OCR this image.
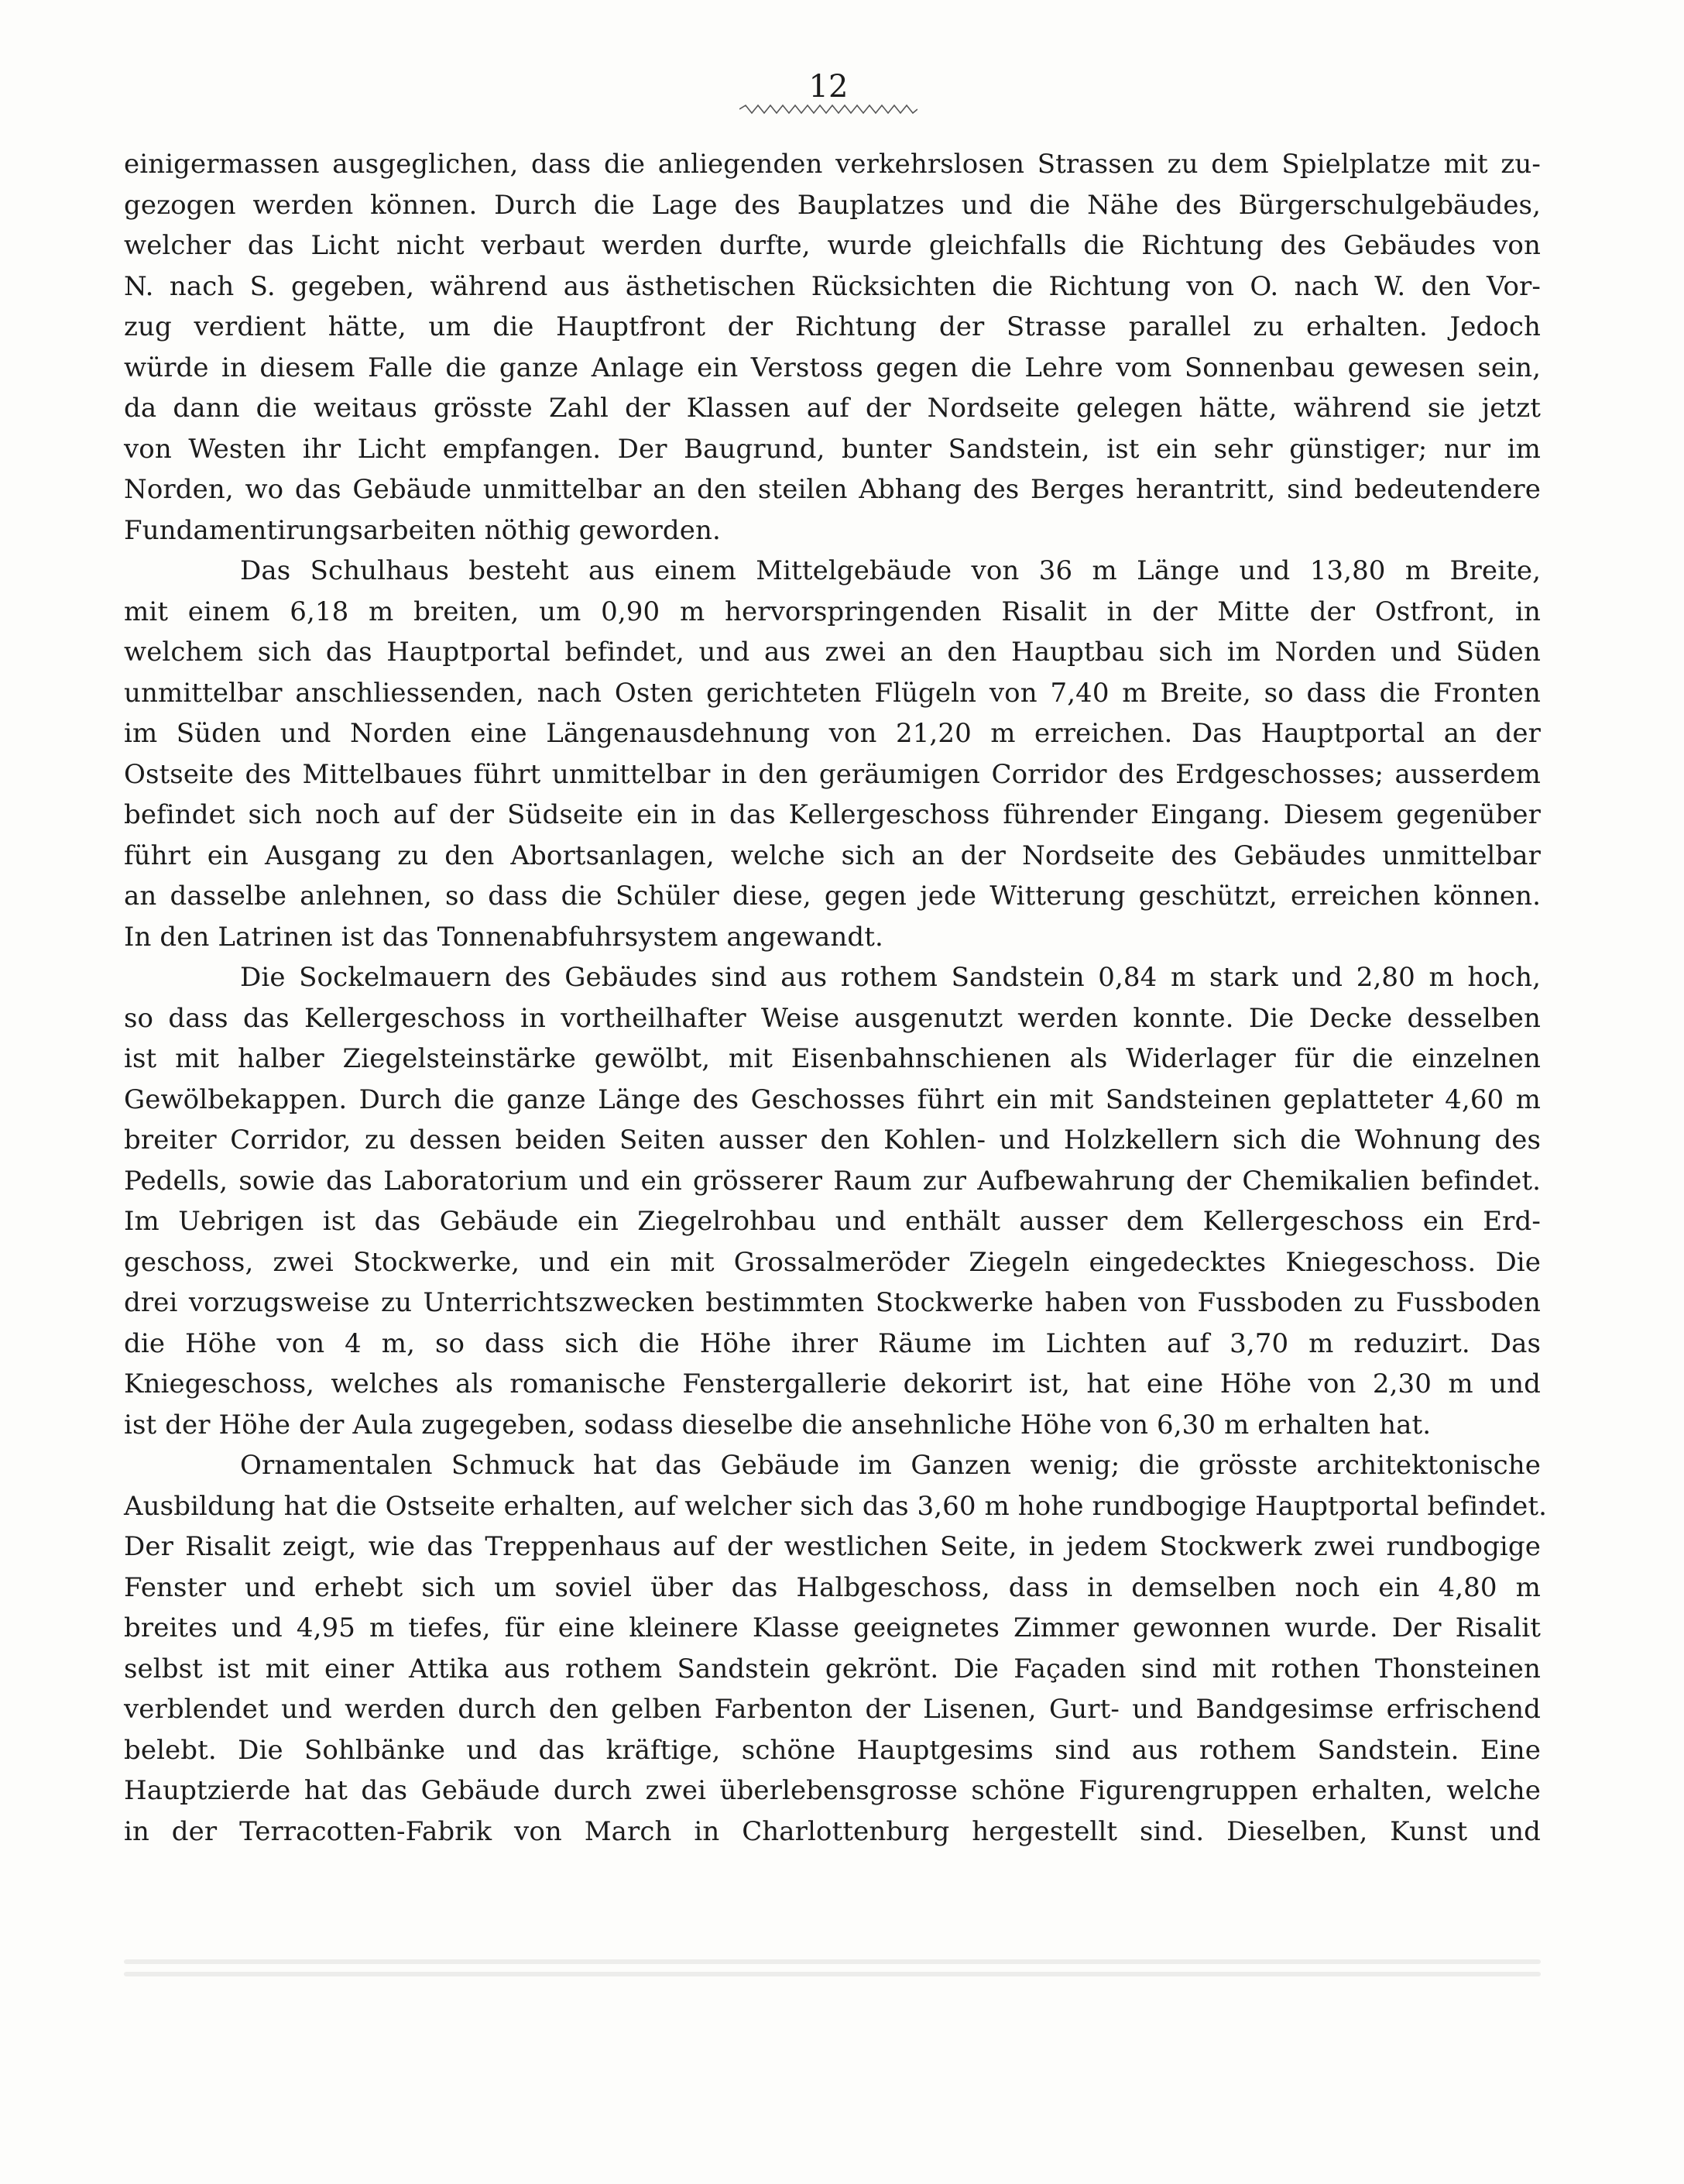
12
einigermassen ausgeglichen, dass die anliegenden verkehrslosen Strassen zu dem Spielplatze mit zu-
gezogen werden können. Durch die Lage des Bauplatzes und die Nähe des Bürgerschulgebäudes,
welcher das Licht nicht verbaut werden durfte, wurde gleichfalls die Richtung des Gebäudes von
N. nach S. gegeben, während aus ästhetischen Rücksichten die Richtung von O. nach W. den Vor-
zug verdient hätte, um die Hauptfront der Richtung der Strasse parallel zu erhalten. Jedoch
würde in diesem Falle die ganze Anlage ein Verstoss gegen die Lehre vom Sonnenbau gewesen sein,
da dann die weitaus grösste Zahl der Klassen auf der Nordseite gelegen hätte, während sie jetzt
von Westen ihr Licht empfangen. Der Baugrund, bunter Sandstein, ist ein sehr günstiger; nur im
Norden, wo das Gebäude unmittelbar an den steilen Abhang des Berges herantritt, sind bedeutendere
Fundamentirungsarbeiten nöthig geworden.
Das Schulhaus besteht aus einem Mittelgebäude von 36 m Länge und 13,80 m Breite,
mit einem 6,18 m breiten, um 0,90 m hervorspringenden Risalit in der Mitte der Ostfront, in
welchem sich das Hauptportal befindet, und aus zwei an den Hauptbau sich im Norden und Süden
unmittelbar anschliessenden, nach Osten gerichteten Flügeln von 7,40 m Breite, so dass die Fronten
im Süden und Norden eine Längenausdehnung von 21,20 m erreichen. Das Hauptportal an der
Ostseite des Mittelbaues führt unmittelbar in den geräumigen Corridor des Erdgeschosses; ausserdem
befindet sich noch auf der Südseite ein in das Kellergeschoss führender Eingang. Diesem gegenüber
führt ein Ausgang zu den Abortsanlagen, welche sich an der Nordseite des Gebäudes unmittelbar
an dasselbe anlehnen, so dass die Schüler diese, gegen jede Witterung geschützt, erreichen können.
In den Latrinen ist das Tonnenabfuhrsystem angewandt.
Die Sockelmauern des Gebäudes sind aus rothem Sandstein 0,84 m stark und 2,80 m hoch,
so dass das Kellergeschoss in vortheilhafter Weise ausgenutzt werden konnte. Die Decke desselben
ist mit halber Ziegelsteinstärke gewölbt, mit Eisenbahnschienen als Widerlager für die einzelnen
Gewölbekappen. Durch die ganze Länge des Geschosses führt ein mit Sandsteinen geplatteter 4,60 m
breiter Corridor, zu dessen beiden Seiten ausser den Kohlen- und Holzkellern sich die Wohnung des
Pedells, sowie das Laboratorium und ein grösserer Raum zur Aufbewahrung der Chemikalien befindet.
Im Uebrigen ist das Gebäude ein Ziegelrohbau und enthält ausser dem Kellergeschoss ein Erd-
geschoss, zwei Stockwerke, und ein mit Grossalmeröder Ziegeln eingedecktes Kniegeschoss. Die
drei vorzugsweise zu Unterrichtszwecken bestimmten Stockwerke haben von Fussboden zu Fussboden
die Höhe von 4 m, so dass sich die Höhe ihrer Räume im Lichten auf 3,70 m reduzirt. Das
Kniegeschoss, welches als romanische Fenstergallerie dekorirt ist, hat eine Höhe von 2,30 m und
ist der Höhe der Aula zugegeben, sodass dieselbe die ansehnliche Höhe von 6,30 m erhalten hat.
Ornamentalen Schmuck hat das Gebäude im Ganzen wenig; die grösste architektonische
Ausbildung hat die Ostseite erhalten, auf welcher sich das 3,60 m hohe rundbogige Hauptportal befindet.
Der Risalit zeigt, wie das Treppenhaus auf der westlichen Seite, in jedem Stockwerk zwei rundbogige
Fenster und erhebt sich um soviel über das Halbgeschoss, dass in demselben noch ein 4,80 m
breites und 4,95 m tiefes, für eine kleinere Klasse geeignetes Zimmer gewonnen wurde. Der Risalit
selbst ist mit einer Attika aus rothem Sandstein gekrönt. Die Façaden sind mit rothen Thonsteinen
verblendet und werden durch den gelben Farbenton der Lisenen, Gurt- und Bandgesimse erfrischend
belebt. Die Sohlbänke und das kräftige, schöne Hauptgesims sind aus rothem Sandstein. Eine
Hauptzierde hat das Gebäude durch zwei überlebensgrosse schöne Figurengruppen erhalten, welche
in der Terracotten-Fabrik von March in Charlottenburg hergestellt sind. Dieselben, Kunst und
